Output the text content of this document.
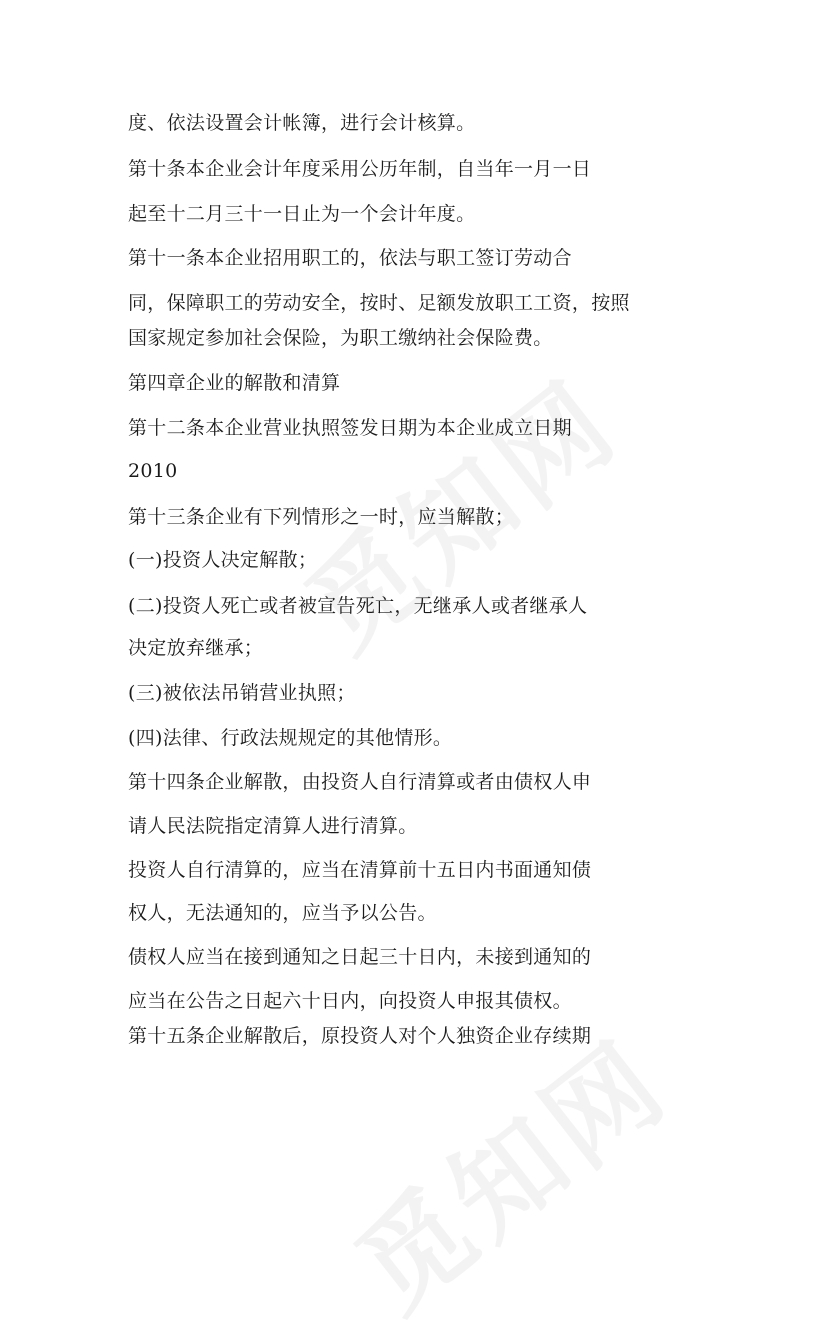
度、依法设置会计帐簿，进行会计核算。
第十条本企业会计年度采用公历年制，自当年一月一日
起至十二月三十一日止为一个会计年度。
第十一条本企业招用职工的，依法与职工签订劳动合
同，保障职工的劳动安全，按时、足额发放职工工资，按照
国家规定参加社会保险，为职工缴纳社会保险费。
第四章企业的解散和清算
第十二条本企业营业执照签发日期为本企业成立日期
2010
第十三条企业有下列情形之一时，应当解散；
(一)投资人决定解散；
(二)投资人死亡或者被宣告死亡，无继承人或者继承人
决定放弃继承；
(三)被依法吊销营业执照；
(四)法律、行政法规规定的其他情形。
第十四条企业解散，由投资人自行清算或者由债权人申
请人民法院指定清算人进行清算。
投资人自行清算的，应当在清算前十五日内书面通知债
权人，无法通知的，应当予以公告。
债权人应当在接到通知之日起三十日内，未接到通知的
应当在公告之日起六十日内，向投资人申报其债权。
第十五条企业解散后，原投资人对个人独资企业存续期
